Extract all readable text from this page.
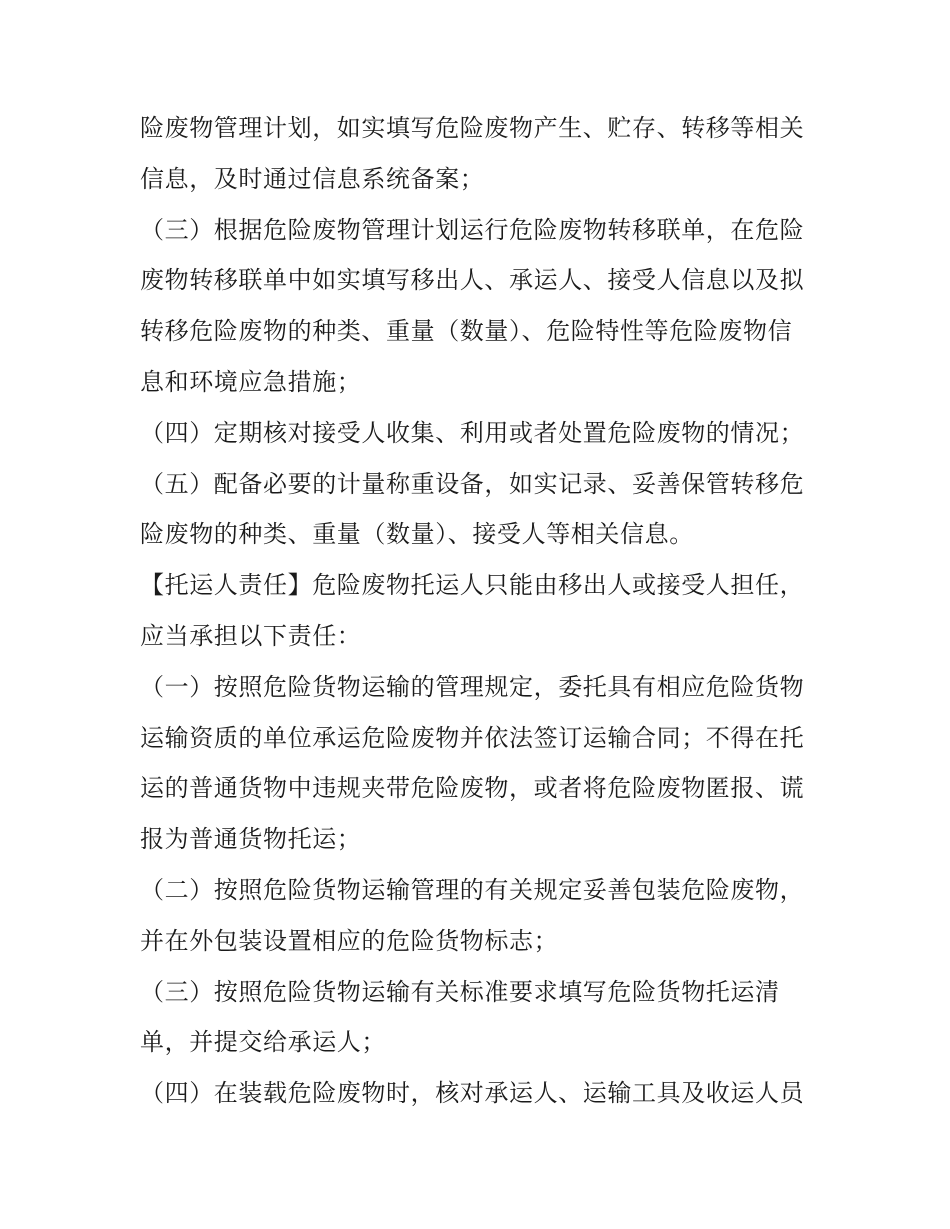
险废物管理计划，如实填写危险废物产生、贮存、转移等相关
信息，及时通过信息系统备案；
（三）根据危险废物管理计划运行危险废物转移联单，在危险
废物转移联单中如实填写移出人、承运人、接受人信息以及拟
转移危险废物的种类、重量（数量）、危险特性等危险废物信
息和环境应急措施；
（四）定期核对接受人收集、利用或者处置危险废物的情况；
（五）配备必要的计量称重设备，如实记录、妥善保管转移危
险废物的种类、重量（数量）、接受人等相关信息。
【托运人责任】危险废物托运人只能由移出人或接受人担任，
应当承担以下责任：
（一）按照危险货物运输的管理规定，委托具有相应危险货物
运输资质的单位承运危险废物并依法签订运输合同；不得在托
运的普通货物中违规夹带危险废物，或者将危险废物匿报、谎
报为普通货物托运；
（二）按照危险货物运输管理的有关规定妥善包装危险废物，
并在外包装设置相应的危险货物标志；
（三）按照危险货物运输有关标准要求填写危险货物托运清
单，并提交给承运人；
（四）在装载危险废物时，核对承运人、运输工具及收运人员
